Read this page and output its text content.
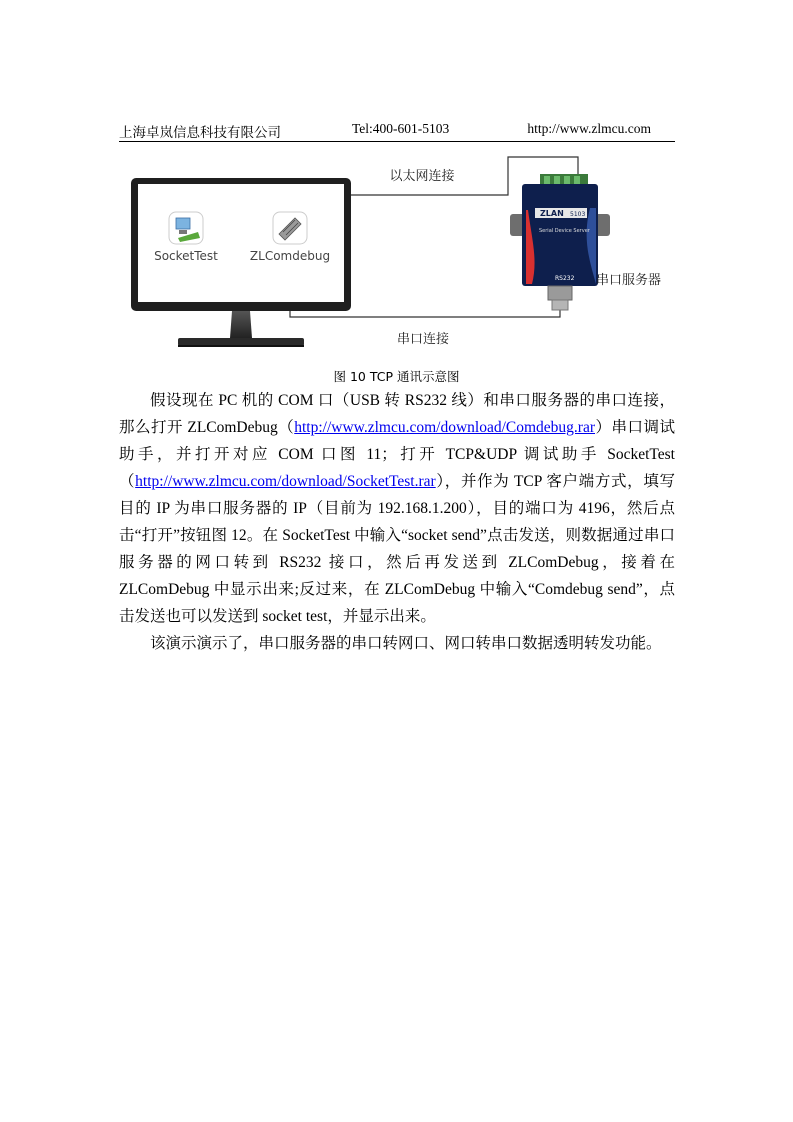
上海卓岚信息科技有限公司	Tel:400-601-5103	http://www.zlmcu.com
SocketTest	ZLComdebug
以太网连接
ZLAN 5103
Serial Device Server
RS232 串口服务器
串口连接
图 10 TCP 通讯示意图

假设现在 PC 机的 COM 口（USB 转 RS232 线）和串口服务器的串口连接，那么打开 ZLComDebug（http://www.zlmcu.com/download/Comdebug.rar）串口调试助手，并打开对应 COM 口图 11；打开 TCP&UDP 调试助手 SocketTest（http://www.zlmcu.com/download/SocketTest.rar），并作为 TCP 客户端方式，填写目的 IP 为串口服务器的 IP（目前为 192.168.1.200），目的端口为 4196，然后点击“打开”按钮图 12。在 SocketTest 中输入“socket send”点击发送，则数据通过串口服务器的网口转到 RS232 接口，然后再发送到 ZLComDebug，接着在 ZLComDebug 中显示出来;反过来，在 ZLComDebug 中输入“Comdebug send”，点击发送也可以发送到 socket test，并显示出来。

该演示演示了，串口服务器的串口转网口、网口转串口数据透明转发功能。
